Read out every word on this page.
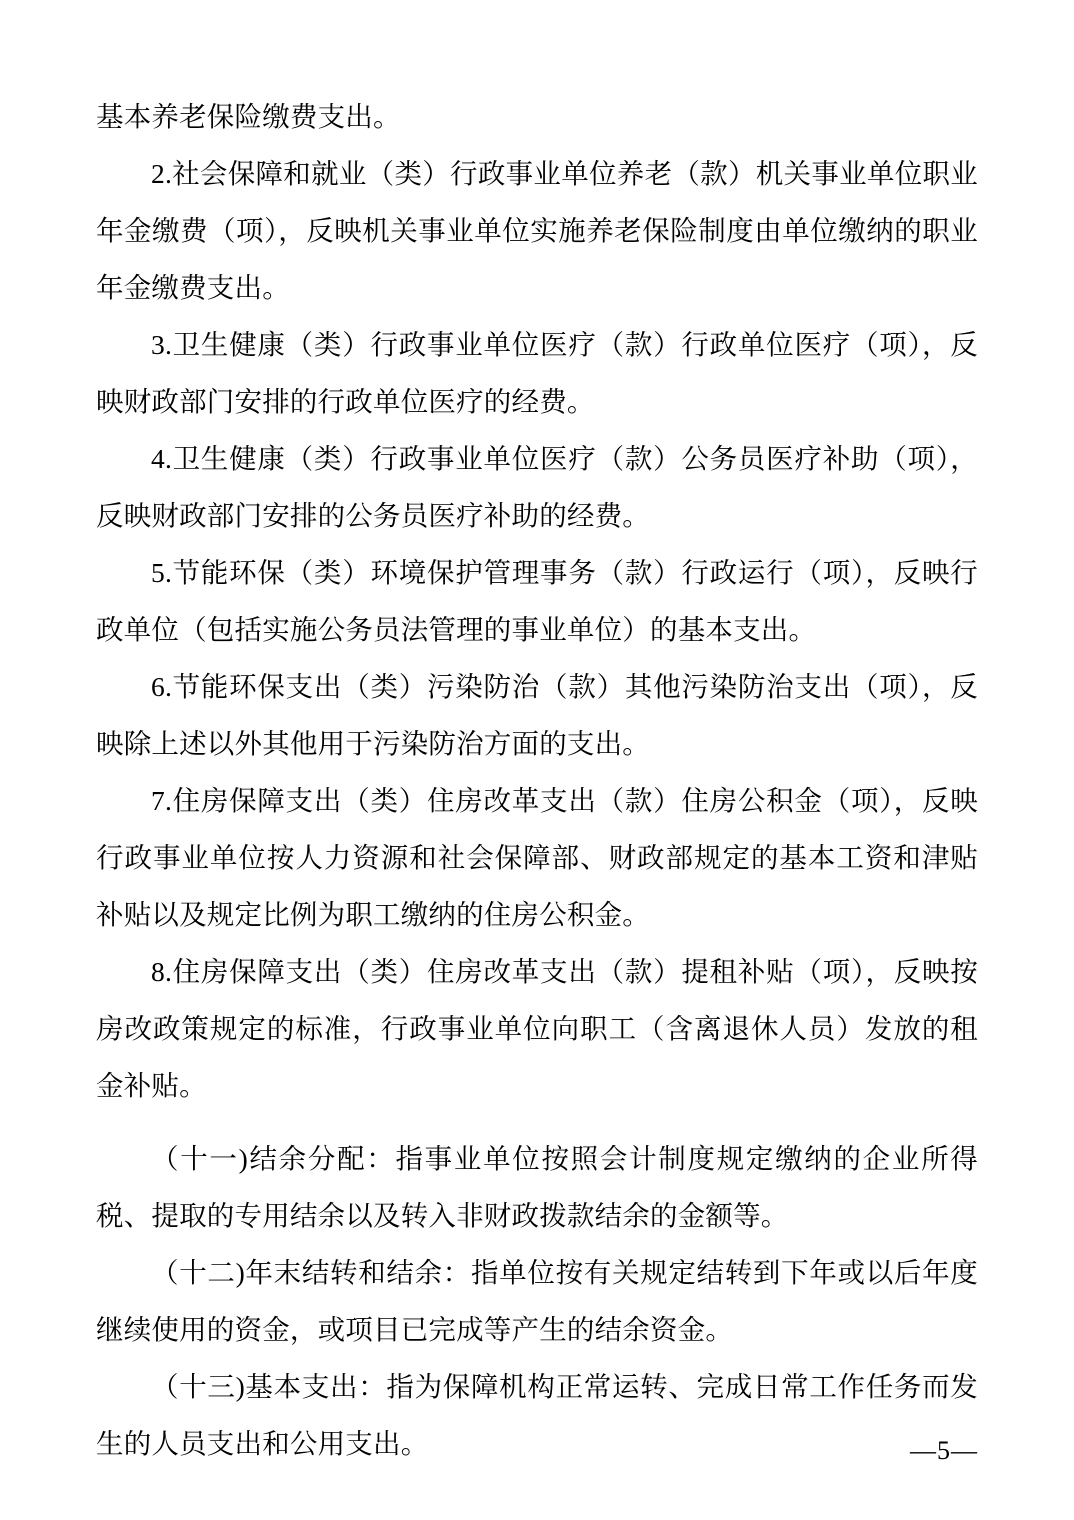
基本养老保险缴费支出。

2.社会保障和就业（类）行政事业单位养老（款）机关事业单位职业年金缴费（项），反映机关事业单位实施养老保险制度由单位缴纳的职业年金缴费支出。

3.卫生健康（类）行政事业单位医疗（款）行政单位医疗（项），反映财政部门安排的行政单位医疗的经费。

4.卫生健康（类）行政事业单位医疗（款）公务员医疗补助（项），反映财政部门安排的公务员医疗补助的经费。

5.节能环保（类）环境保护管理事务（款）行政运行（项），反映行政单位（包括实施公务员法管理的事业单位）的基本支出。

6.节能环保支出（类）污染防治（款）其他污染防治支出（项），反映除上述以外其他用于污染防治方面的支出。

7.住房保障支出（类）住房改革支出（款）住房公积金（项），反映行政事业单位按人力资源和社会保障部、财政部规定的基本工资和津贴补贴以及规定比例为职工缴纳的住房公积金。

8.住房保障支出（类）住房改革支出（款）提租补贴（项），反映按房改政策规定的标准，行政事业单位向职工（含离退休人员）发放的租金补贴。

（十一)结余分配：指事业单位按照会计制度规定缴纳的企业所得税、提取的专用结余以及转入非财政拨款结余的金额等。

（十二)年末结转和结余：指单位按有关规定结转到下年或以后年度继续使用的资金，或项目已完成等产生的结余资金。

（十三)基本支出：指为保障机构正常运转、完成日常工作任务而发生的人员支出和公用支出。	—5—
